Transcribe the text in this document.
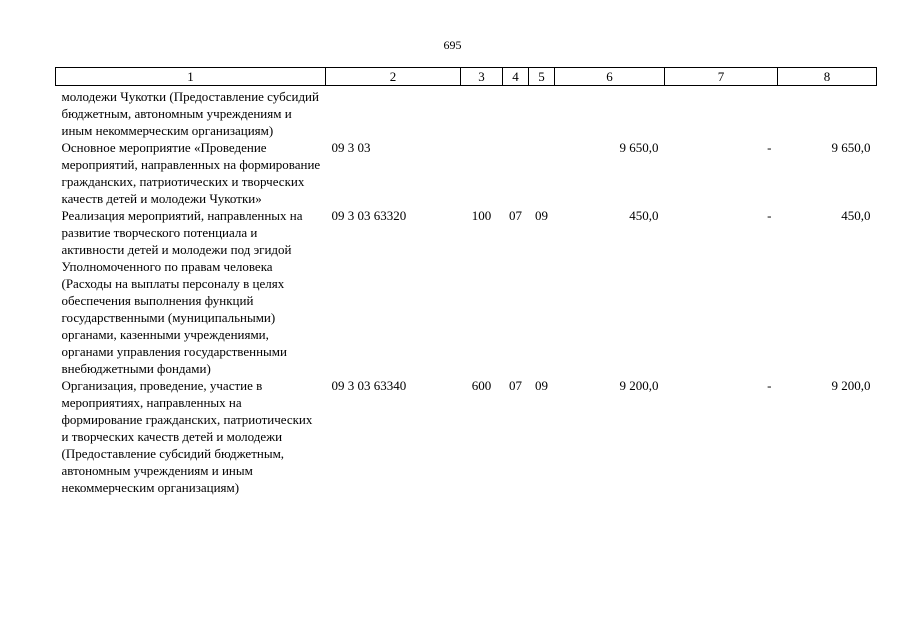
695
1	2	3	4	5	6	7	8
молодежи Чукотки (Предоставление субсидий бюджетным, автономным учреждениям и иным некоммерческим организациям)							
Основное мероприятие «Проведение мероприятий, направленных на формирование гражданских, патриотических и творческих качеств детей и молодежи Чукотки»	09 3 03				9 650,0	-	9 650,0
Реализация мероприятий, направленных на развитие творческого потенциала и активности детей и молодежи под эгидой Уполномоченного по правам человека (Расходы на выплаты персоналу в целях обеспечения выполнения функций государственными (муниципальными) органами, казенными учреждениями, органами управления государственными внебюджетными фондами)	09 3 03 63320	100	07	09	450,0	-	450,0
Организация, проведение, участие в мероприятиях, направленных на формирование гражданских, патриотических и творческих качеств детей и молодежи (Предоставление субсидий бюджетным, автономным учреждениям и иным некоммерческим организациям)	09 3 03 63340	600	07	09	9 200,0	-	9 200,0
